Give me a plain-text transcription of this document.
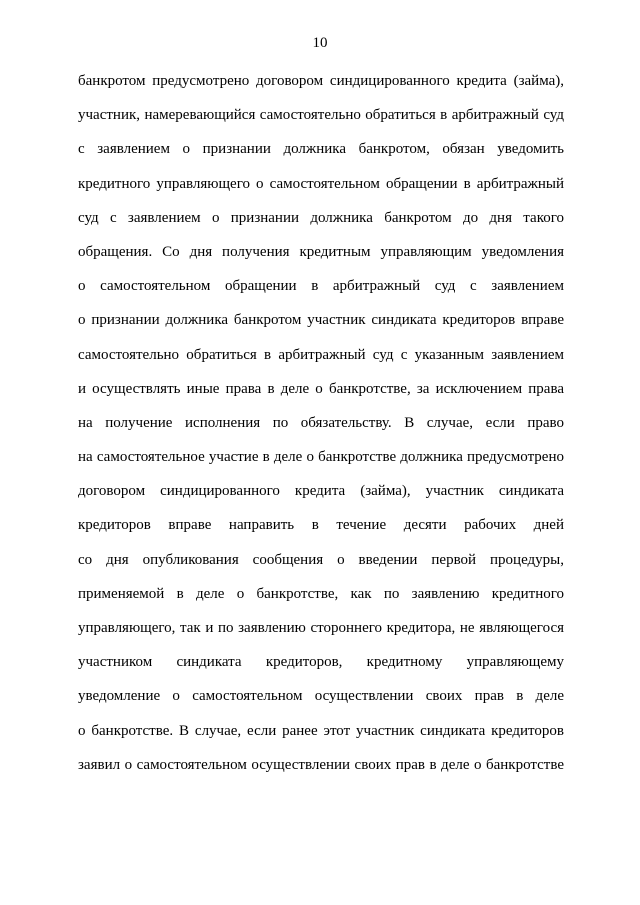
10
банкротом предусмотрено договором синдицированного кредита (займа),
участник, намеревающийся самостоятельно обратиться в арбитражный суд
с заявлением о признании должника банкротом, обязан уведомить
кредитного управляющего о самостоятельном обращении в арбитражный
суд с заявлением о признании должника банкротом до дня такого
обращения. Со дня получения кредитным управляющим уведомления
о самостоятельном обращении в арбитражный суд с заявлением
о признании должника банкротом участник синдиката кредиторов вправе
самостоятельно обратиться в арбитражный суд с указанным заявлением
и осуществлять иные права в деле о банкротстве, за исключением права
на получение исполнения по обязательству. В случае, если право
на самостоятельное участие в деле о банкротстве должника предусмотрено
договором синдицированного кредита (займа), участник синдиката
кредиторов вправе направить в течение десяти рабочих дней
со дня опубликования сообщения о введении первой процедуры,
применяемой в деле о банкротстве, как по заявлению кредитного
управляющего, так и по заявлению стороннего кредитора, не являющегося
участником синдиката кредиторов, кредитному управляющему
уведомление о самостоятельном осуществлении своих прав в деле
о банкротстве. В случае, если ранее этот участник синдиката кредиторов
заявил о самостоятельном осуществлении своих прав в деле о банкротстве
